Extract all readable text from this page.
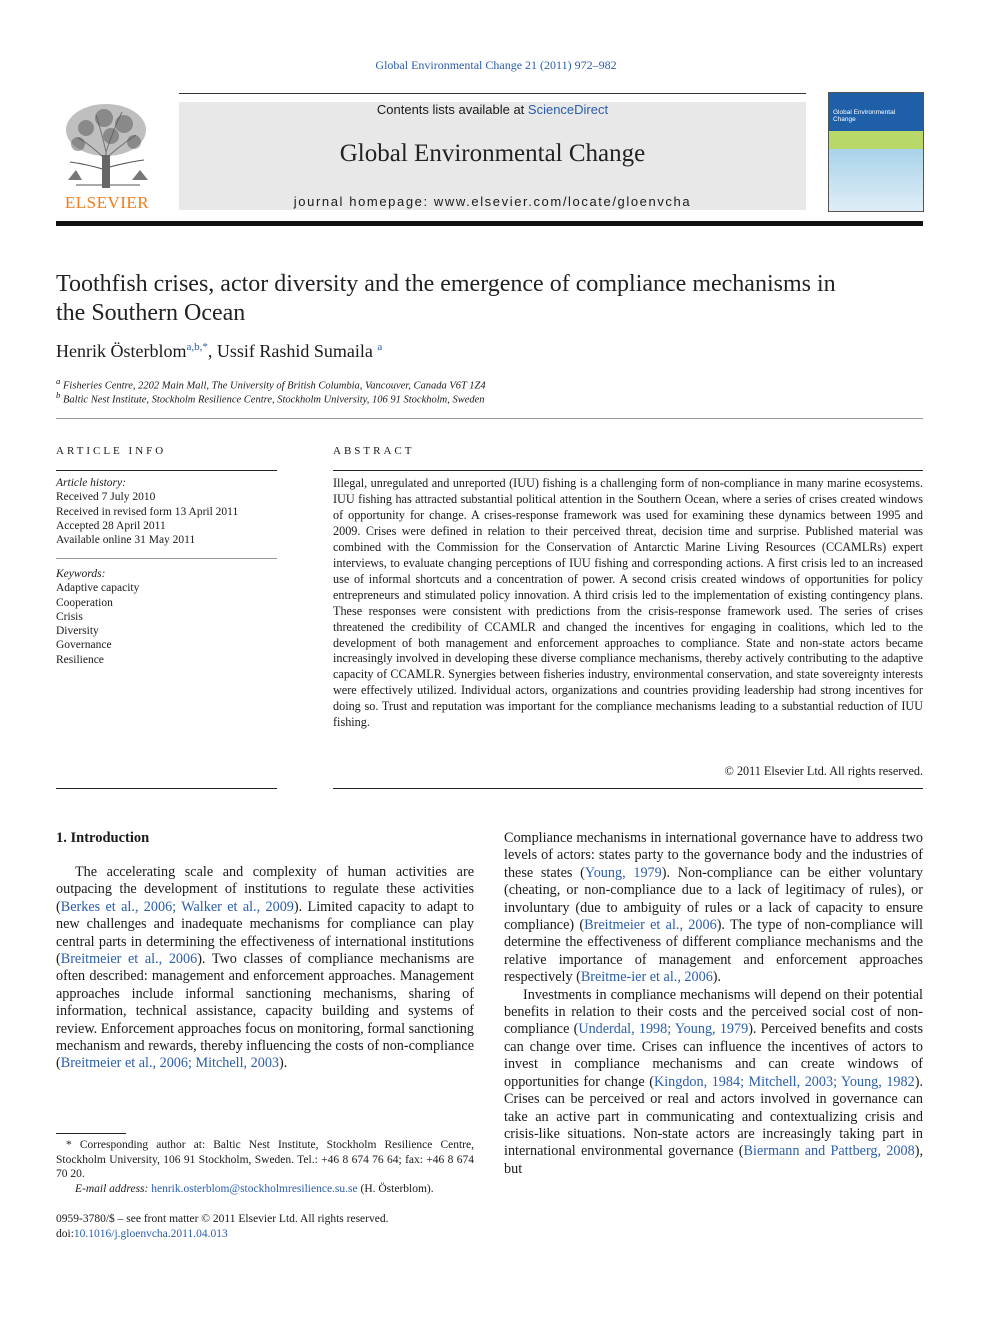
Global Environmental Change 21 (2011) 972–982
ELSEVIER
Contents lists available at ScienceDirect
Global Environmental Change
journal homepage: www.elsevier.com/locate/gloenvcha
Global Environmental Change
Toothfish crises, actor diversity and the emergence of compliance mechanisms in the Southern Ocean
Henrik Österblom$^{a,b,*}$, Ussif Rashid Sumaila $^a$
$^a$ Fisheries Centre, 2202 Main Mall, The University of British Columbia, Vancouver, Canada V6T 1Z4
$^b$ Baltic Nest Institute, Stockholm Resilience Centre, Stockholm University, 106 91 Stockholm, Sweden
ARTICLE INFO
Article history:
Received 7 July 2010
Received in revised form 13 April 2011
Accepted 28 April 2011
Available online 31 May 2011
Keywords:
Adaptive capacity
Cooperation
Crisis
Diversity
Governance
Resilience
ABSTRACT
Illegal, unregulated and unreported (IUU) fishing is a challenging form of non-compliance in many marine ecosystems. IUU fishing has attracted substantial political attention in the Southern Ocean, where a series of crises created windows of opportunity for change. A crises-response framework was used for examining these dynamics between 1995 and 2009. Crises were defined in relation to their perceived threat, decision time and surprise. Published material was combined with the Commission for the Conservation of Antarctic Marine Living Resources (CCAMLRs) expert interviews, to evaluate changing perceptions of IUU fishing and corresponding actions. A first crisis led to an increased use of informal shortcuts and a concentration of power. A second crisis created windows of opportunities for policy entrepreneurs and stimulated policy innovation. A third crisis led to the implementation of existing contingency plans. These responses were consistent with predictions from the crisis-response framework used. The series of crises threatened the credibility of CCAMLR and changed the incentives for engaging in coalitions, which led to the development of both management and enforcement approaches to compliance. State and non-state actors became increasingly involved in developing these diverse compliance mechanisms, thereby actively contributing to the adaptive capacity of CCAMLR. Synergies between fisheries industry, environmental conservation, and state sovereignty interests were effectively utilized. Individual actors, organizations and countries providing leadership had strong incentives for doing so. Trust and reputation was important for the compliance mechanisms leading to a substantial reduction of IUU fishing.
© 2011 Elsevier Ltd. All rights reserved.
1. Introduction

The accelerating scale and complexity of human activities are outpacing the development of institutions to regulate these activities (Berkes et al., 2006; Walker et al., 2009). Limited capacity to adapt to new challenges and inadequate mechanisms for compliance can play central parts in determining the effectiveness of international institutions (Breitmeier et al., 2006). Two classes of compliance mechanisms are often described: management and enforcement approaches. Management approaches include informal sanctioning mechanisms, sharing of information, technical assistance, capacity building and systems of review. Enforcement approaches focus on monitoring, formal sanctioning mechanism and rewards, thereby influencing the costs of non-compliance (Breitmeier et al., 2006; Mitchell, 2003).

Compliance mechanisms in international governance have to address two levels of actors: states party to the governance body and the industries of these states (Young, 1979). Non-compliance can be either voluntary (cheating, or non-compliance due to a lack of legitimacy of rules), or involuntary (due to ambiguity of rules or a lack of capacity to ensure compliance) (Breitmeier et al., 2006). The type of non-compliance will determine the effectiveness of different compliance mechanisms and the relative importance of management and enforcement approaches respectively (Breitme-ier et al., 2006).

Investments in compliance mechanisms will depend on their potential benefits in relation to their costs and the perceived social cost of non-compliance (Underdal, 1998; Young, 1979). Perceived benefits and costs can change over time. Crises can influence the incentives of actors to invest in compliance mechanisms and can create windows of opportunities for change (Kingdon, 1984; Mitchell, 2003; Young, 1982). Crises can be perceived or real and actors involved in governance can take an active part in communicating and contextualizing crisis and crisis-like situations. Non-state actors are increasingly taking part in international environmental governance (Biermann and Pattberg, 2008), but

* Corresponding author at: Baltic Nest Institute, Stockholm Resilience Centre, Stockholm University, 106 91 Stockholm, Sweden. Tel.: +46 8 674 76 64; fax: +46 8 674 70 20.
E-mail address: henrik.osterblom@stockholmresilience.su.se (H. Österblom).
0959-3780/$ – see front matter © 2011 Elsevier Ltd. All rights reserved.
doi:10.1016/j.gloenvcha.2011.04.013
